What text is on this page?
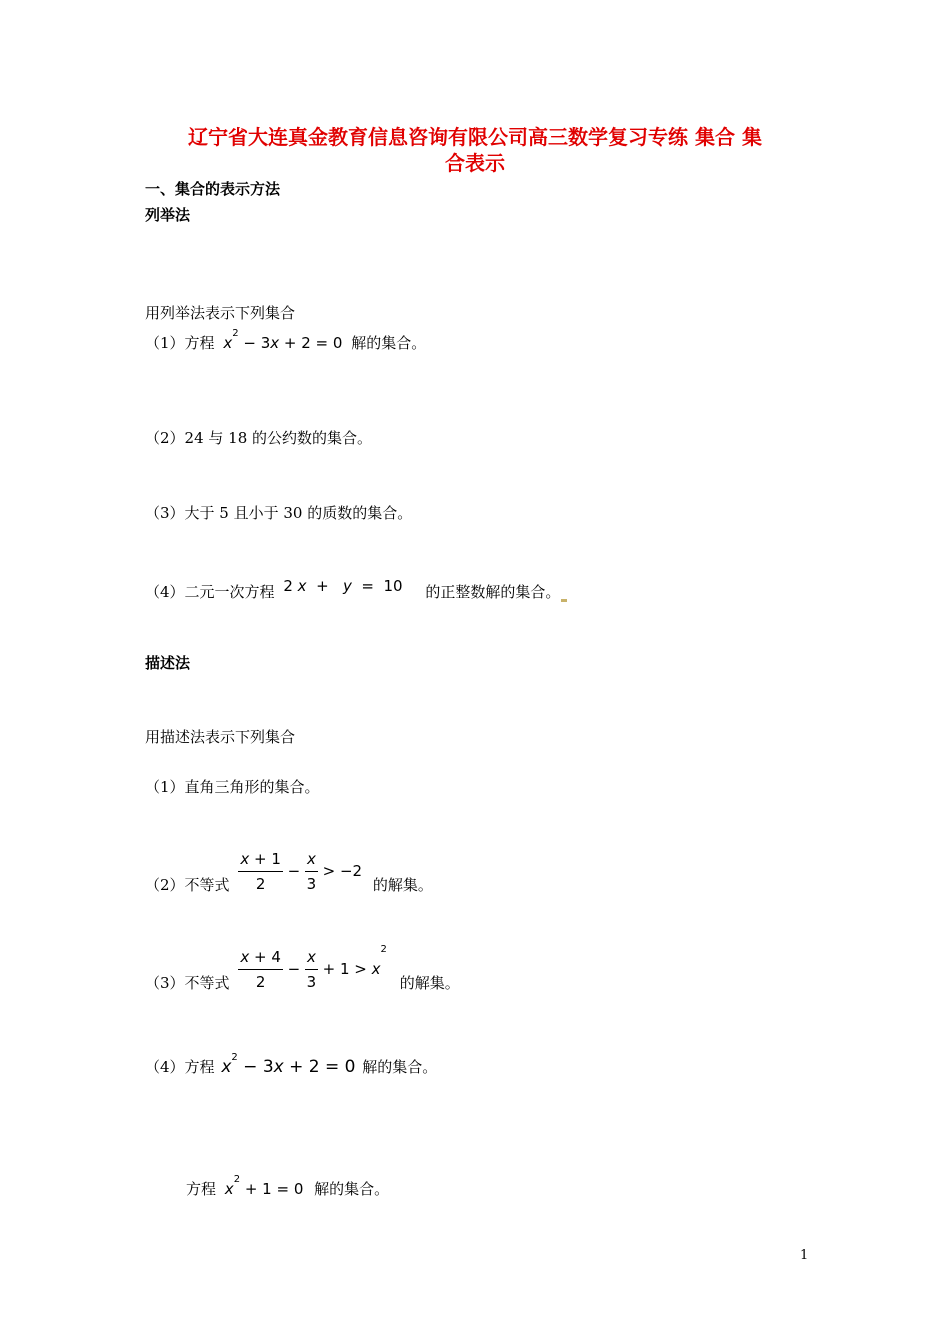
辽宁省大连真金教育信息咨询有限公司高三数学复习专练 集合 集
合表示
一、集合的表示方法
列举法
用列举法表示下列集合
（1）方程 $x^2 - 3x + 2 = 0$ 解的集合。
（2）24 与 18 的公约数的集合。
（3）大于 5 且小于 30 的质数的集合。
（4）二元一次方程 2 x  +   y  =  10 的正整数解的集合。
描述法
用描述法表示下列集合
（1）直角三角形的集合。
（2）不等式 $\frac{x + 1}{2} - \frac{x}{3} > -2$ 的解集。
（3）不等式 $\frac{x + 4}{2} - \frac{x}{3} + 1 > x^2$ 的解集。
（4）方程 $x^2 - 3x + 2 = 0$ 解的集合。
方程 $x^2 + 1 = 0$ 解的集合。
1
